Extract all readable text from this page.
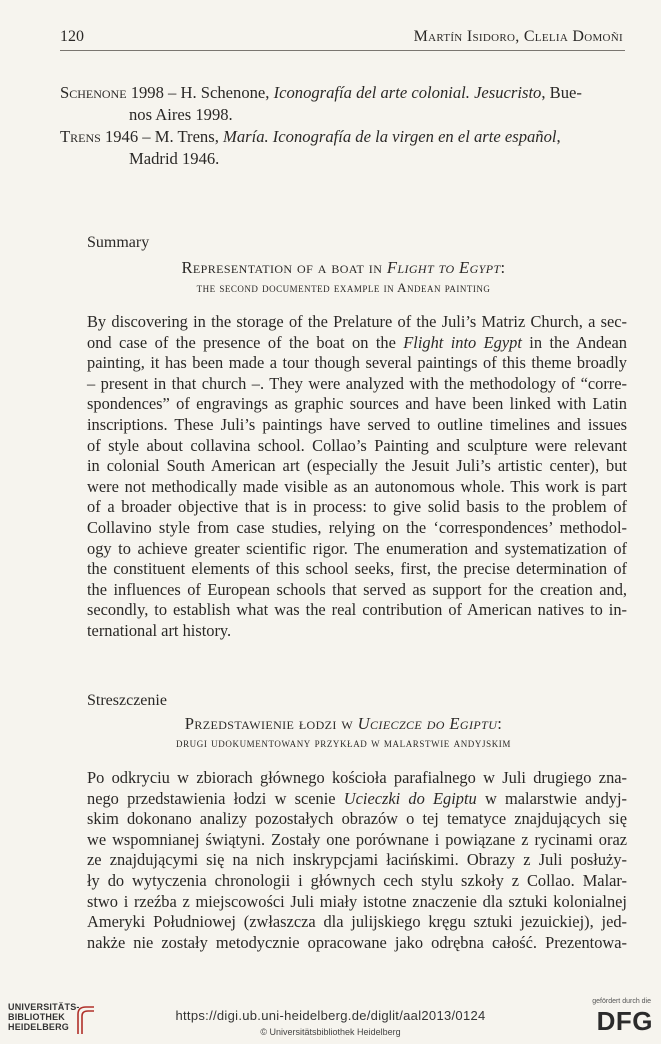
120	Martín Isidoro, Clelia Domoñi
Schenone 1998 – H. Schenone, Iconografía del arte colonial. Jesucristo, Bue-
nos Aires 1998.
Trens 1946 – M. Trens, María. Iconografía de la virgen en el arte español,
Madrid 1946.
Summary
Representation of a boat in Flight to Egypt:
the second documented example in Andean painting
By discovering in the storage of the Prelature of the Juli’s Matriz Church, a sec-
ond case of the presence of the boat on the Flight into Egypt in the Andean
painting, it has been made a tour though several paintings of this theme broadly
– present in that church –. They were analyzed with the methodology of “corre-
spondences” of engravings as graphic sources and have been linked with Latin
inscriptions. These Juli’s paintings have served to outline timelines and issues
of style about collavina school. Collao’s Painting and sculpture were relevant
in colonial South American art (especially the Jesuit Juli’s artistic center), but
were not methodically made visible as an autonomous whole. This work is part
of a broader objective that is in process: to give solid basis to the problem of
Collavino style from case studies, relying on the ‘correspondences’ methodol-
ogy to achieve greater scientific rigor. The enumeration and systematization of
the constituent elements of this school seeks, first, the precise determination of
the influences of European schools that served as support for the creation and,
secondly, to establish what was the real contribution of American natives to in-
ternational art history.
Streszczenie
Przedstawienie łodzi w Ucieczce do Egiptu:
drugi udokumentowany przykład w malarstwie andyjskim
Po odkryciu w zbiorach głównego kościoła parafialnego w Juli drugiego zna-
nego przedstawienia łodzi w scenie Ucieczki do Egiptu w malarstwie andyj-
skim dokonano analizy pozostałych obrazów o tej tematyce znajdujących się
we wspomnianej świątyni. Zostały one porównane i powiązane z rycinami oraz
ze znajdującymi się na nich inskrypcjami łacińskimi. Obrazy z Juli posłuży-
ły do wytyczenia chronologii i głównych cech stylu szkoły z Collao. Malar-
stwo i rzeźba z miejscowości Juli miały istotne znaczenie dla sztuki kolonialnej
Ameryki Południowej (zwłaszcza dla julijskiego kręgu sztuki jezuickiej), jed-
nakże nie zostały metodycznie opracowane jako odrębna całość. Prezentowa-
UNIVERSITÄTS-
BIBLIOTHEK
HEIDELBERG
https://digi.ub.uni-heidelberg.de/diglit/aal2013/0124
© Universitätsbibliothek Heidelberg
gefördert durch die
DFG
